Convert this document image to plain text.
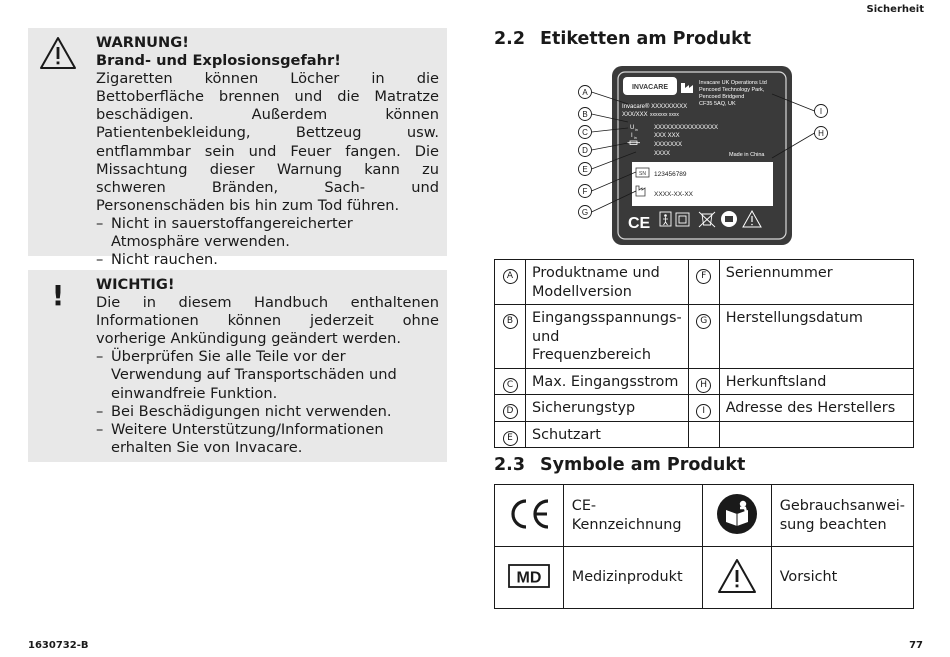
Sicherheit
WARNUNG!
Brand- und Explosionsgefahr!
Zigaretten können Löcher in die Bettoberfläche brennen und die Matratze beschädigen. Außerdem können Patientenbekleidung, Bettzeug usw. entflammbar sein und Feuer fangen. Die Missachtung dieser Warnung kann zu schweren Bränden, Sach- und Personenschäden bis hin zum Tod führen.
– Nicht in sauerstoffangereicherter Atmosphäre verwenden.
– Nicht rauchen.
!	WICHTIG!
Die in diesem Handbuch enthaltenen Informationen können jederzeit ohne vorherige Ankündigung geändert werden.
– Überprüfen Sie alle Teile vor der Verwendung auf Transportschäden und einwandfreie Funktion.
– Bei Beschädigungen nicht verwenden.
– Weitere Unterstützung/Informationen erhalten Sie von Invacare.
2.2 Etiketten am Produkt
INVACARE
Invacare UK Operations Ltd
Pencoed Technology Park,
Pencoed Bridgend
CF35 5AQ, UK
Invacare® XXXXXXXXX
XXX/XXX xxxxxxx xxxx
U in	XXXXXXXXXXXXXXXX
I in	XXX XXX
XXXXXXX
XXXX	Made in China
SN 123456789
XXXX-XX-XX
CE
A
B
C
D
E
F
G
I
H
A	Produktname und Modellversion	F	Seriennummer
B	Eingangsspannungs- und Frequenzbereich	G	Herstellungsdatum
C	Max. Eingangsstrom	H	Herkunftsland
D	Sicherungstyp	I	Adresse des Herstellers
E	Schutzart		
2.3 Symbole am Produkt
	CE-Kennzeichnung		Gebrauchsanwei-sung beachten

MD	Medizinprodukt		Vorsicht
1630732-B	77
